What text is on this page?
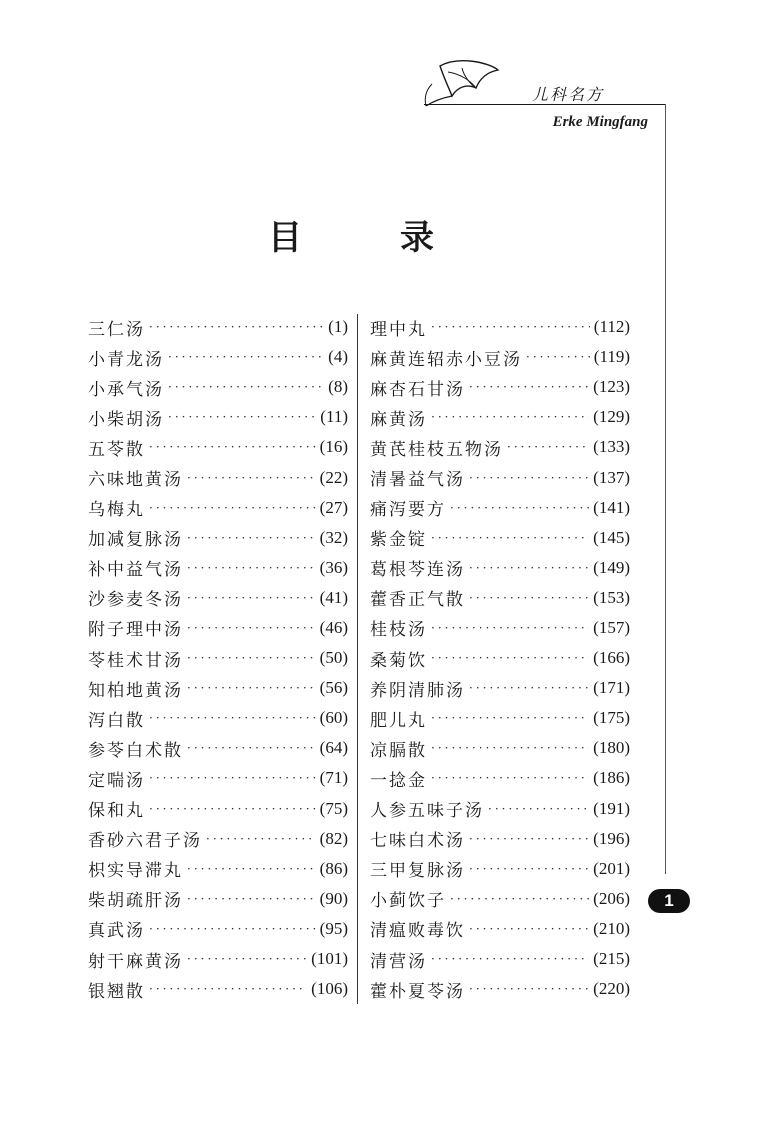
儿科名方
Erke Mingfang
目	录
三仁汤 ·····	(1)
小青龙汤 ·····	(4)
小承气汤 ·····	(8)
小柴胡汤 ·····	(11)
五苓散 ·····	(16)
六味地黄汤 ·····	(22)
乌梅丸 ·····	(27)
加减复脉汤 ·····	(32)
补中益气汤 ·····	(36)
沙参麦冬汤 ·····	(41)
附子理中汤 ·····	(46)
苓桂术甘汤 ·····	(50)
知柏地黄汤 ·····	(56)
泻白散 ·····	(60)
参苓白术散 ·····	(64)
定喘汤 ·····	(71)
保和丸 ·····	(75)
香砂六君子汤 ·····	(82)
枳实导滞丸 ·····	(86)
柴胡疏肝汤 ·····	(90)
真武汤 ·····	(95)
射干麻黄汤 ·····	(101)
银翘散 ·····	(106)
理中丸 ·····	(112)
麻黄连轺赤小豆汤 ·····	(119)
麻杏石甘汤 ·····	(123)
麻黄汤 ·····	(129)
黄芪桂枝五物汤 ·····	(133)
清暑益气汤 ·····	(137)
痛泻要方 ·····	(141)
紫金锭 ·····	(145)
葛根芩连汤 ·····	(149)
藿香正气散 ·····	(153)
桂枝汤 ·····	(157)
桑菊饮 ·····	(166)
养阴清肺汤 ·····	(171)
肥儿丸 ·····	(175)
凉膈散 ·····	(180)
一捻金 ·····	(186)
人参五味子汤 ·····	(191)
七味白术汤 ·····	(196)
三甲复脉汤 ·····	(201)
小蓟饮子 ·····	(206)
清瘟败毒饮 ·····	(210)
清营汤 ·····	(215)
藿朴夏苓汤 ·····	(220)
1
